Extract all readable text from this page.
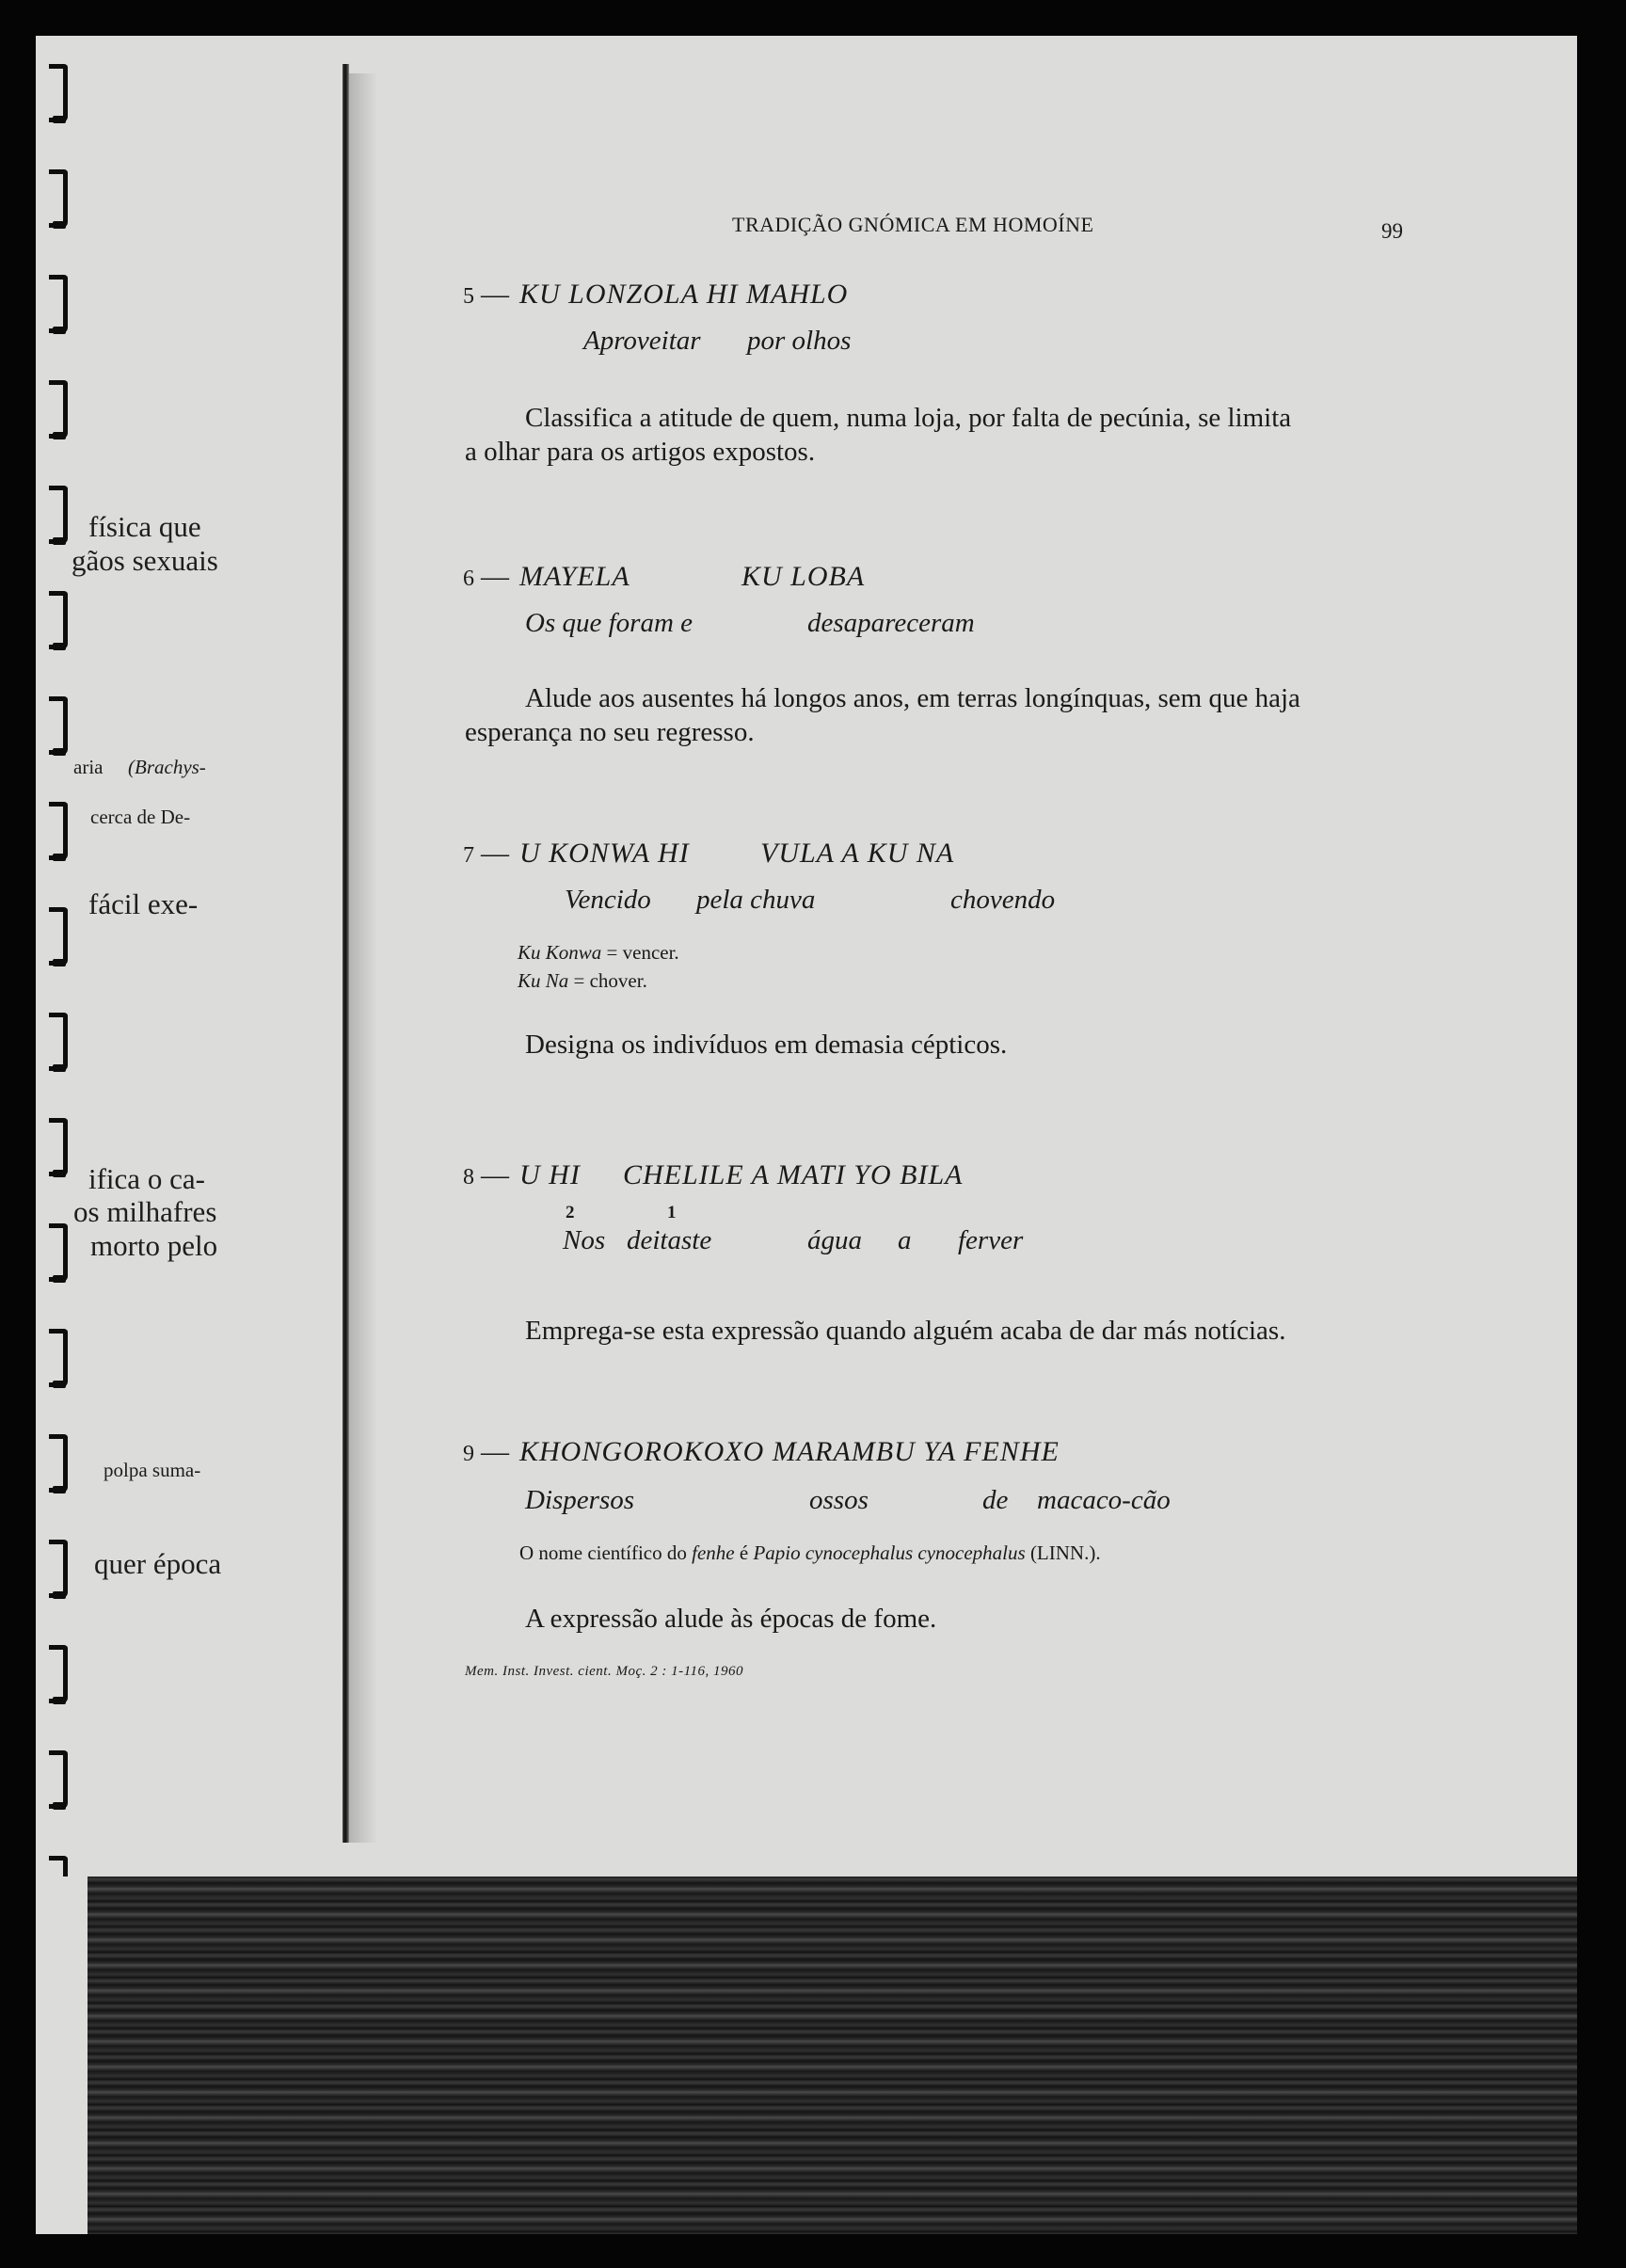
física que
gãos sexuais
aria (Brachys-
cerca de De-
fácil exe-
ifica o ca-
os milhafres
morto pelo
polpa suma-
quer época
TRADIÇÃO GNÓMICA EM HOMOÍNE	99
5 — KU LONZOLA HI MAHLO
Aproveitar por olhos
Classifica a atitude de quem, numa loja, por falta de pecúnia, se limita
a olhar para os artigos expostos.
6 — MAYELA	KU LOBA
Os que foram e	desapareceram
Alude aos ausentes há longos anos, em terras longínquas, sem que haja
esperança no seu regresso.
7 — U KONWA HI	VULA A KU NA
Vencido pela chuva	chovendo
Ku Konwa = vencer.
Ku Na = chover.
Designa os indivíduos em demasia cépticos.
8 — U HI CHELILE A MATI YO BILA
2	1
Nos deitaste	água a ferver
Emprega-se esta expressão quando alguém acaba de dar más notícias.
9 — KHONGOROKOXO MARAMBU YA FENHE
Dispersos	ossos	de macaco-cão
O nome científico do fenhe é Papio cynocephalus cynocephalus (LINN.).
A expressão alude às épocas de fome.
Mem. Inst. Invest. cient. Moç. 2 : 1-116, 1960
